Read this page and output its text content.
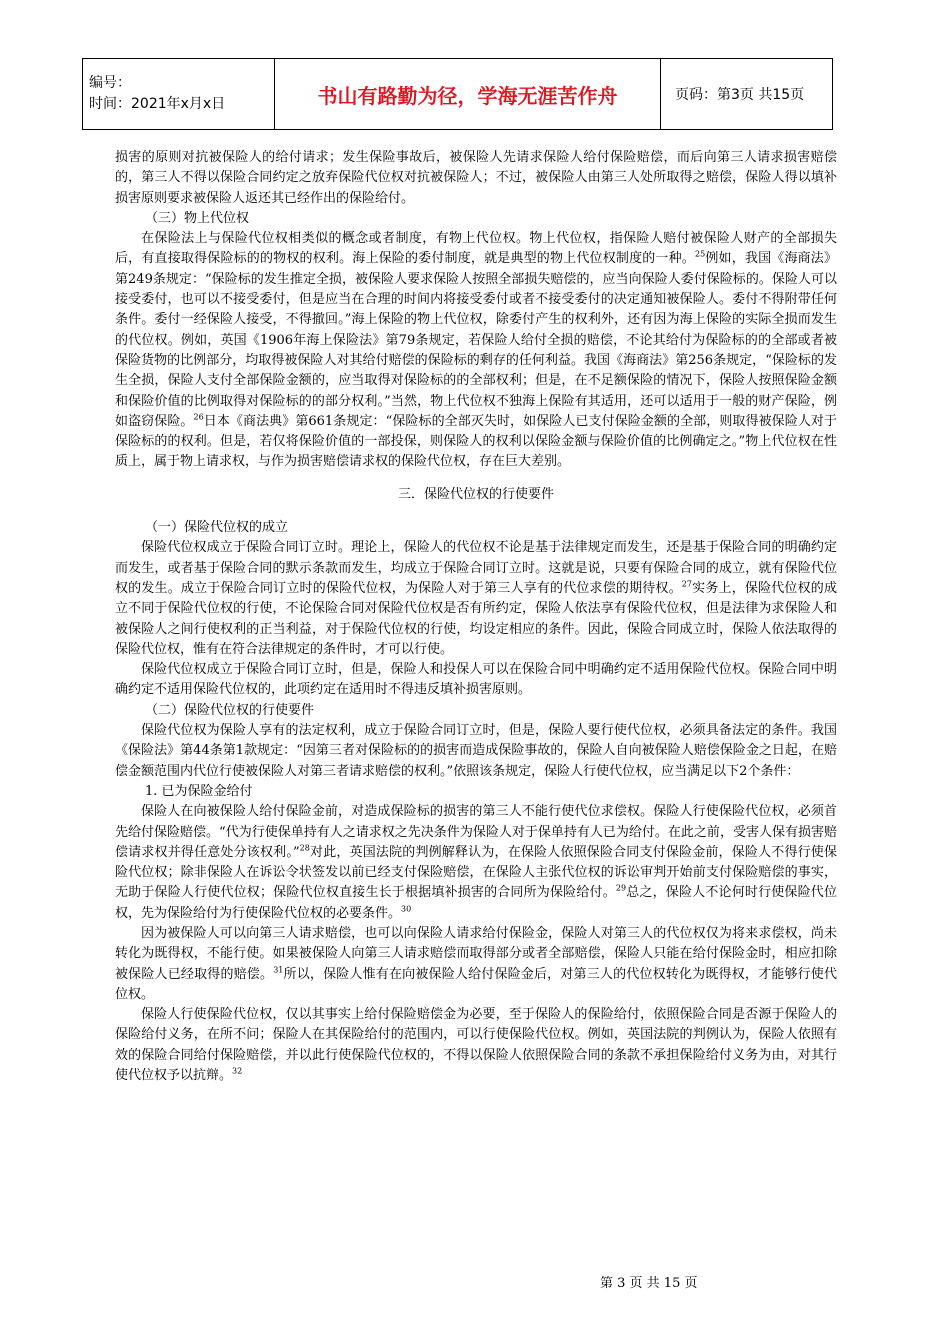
编号：
时间：2021年x月x日	书山有路勤为径，学海无涯苦作舟	页码：第3页 共15页

损害的原则对抗被保险人的给付请求；发生保险事故后，被保险人先请求保险人给付保险赔偿，而后向第三人请求损害赔偿的，第三人不得以保险合同约定之放弃保险代位权对抗被保险人；不过，被保险人由第三人处所取得之赔偿，保险人得以填补损害原则要求被保险人返还其已经作出的保险给付。

（三）物上代位权

在保险法上与保险代位权相类似的概念或者制度，有物上代位权。物上代位权，指保险人赔付被保险人财产的全部损失后，有直接取得保险标的的物权的权利。海上保险的委付制度，就是典型的物上代位权制度的一种。$^{25}$例如，我国《海商法》第249条规定：“保险标的发生推定全损，被保险人要求保险人按照全部损失赔偿的，应当向保险人委付保险标的。保险人可以接受委付，也可以不接受委付，但是应当在合理的时间内将接受委付或者不接受委付的决定通知被保险人。委付不得附带任何条件。委付一经保险人接受，不得撤回。”海上保险的物上代位权，除委付产生的权利外，还有因为海上保险的实际全损而发生的代位权。例如，英国《1906年海上保险法》第79条规定，若保险人给付全损的赔偿，不论其给付为保险标的的全部或者被保险货物的比例部分，均取得被保险人对其给付赔偿的保险标的剩存的任何利益。我国《海商法》第256条规定，“保险标的发生全损，保险人支付全部保险金额的，应当取得对保险标的的全部权利；但是，在不足额保险的情况下，保险人按照保险金额和保险价值的比例取得对保险标的的部分权利。”当然，物上代位权不独海上保险有其适用，还可以适用于一般的财产保险，例如盗窃保险。$^{26}$日本《商法典》第661条规定：“保险标的全部灭失时，如保险人已支付保险金额的全部，则取得被保险人对于保险标的的权利。但是，若仅将保险价值的一部投保，则保险人的权利以保险金额与保险价值的比例确定之。”物上代位权在性质上，属于物上请求权，与作为损害赔偿请求权的保险代位权，存在巨大差别。

三．保险代位权的行使要件

（一）保险代位权的成立

保险代位权成立于保险合同订立时。理论上，保险人的代位权不论是基于法律规定而发生，还是基于保险合同的明确约定而发生，或者基于保险合同的默示条款而发生，均成立于保险合同订立时。这就是说，只要有保险合同的成立，就有保险代位权的发生。成立于保险合同订立时的保险代位权，为保险人对于第三人享有的代位求偿的期待权。$^{27}$实务上，保险代位权的成立不同于保险代位权的行使，不论保险合同对保险代位权是否有所约定，保险人依法享有保险代位权，但是法律为求保险人和被保险人之间行使权利的正当利益，对于保险代位权的行使，均设定相应的条件。因此，保险合同成立时，保险人依法取得的保险代位权，惟有在符合法律规定的条件时，才可以行使。

保险代位权成立于保险合同订立时，但是，保险人和投保人可以在保险合同中明确约定不适用保险代位权。保险合同中明确约定不适用保险代位权的，此项约定在适用时不得违反填补损害原则。

（二）保险代位权的行使要件

保险代位权为保险人享有的法定权利，成立于保险合同订立时，但是，保险人要行使代位权，必须具备法定的条件。我国《保险法》第44条第1款规定：“因第三者对保险标的的损害而造成保险事故的，保险人自向被保险人赔偿保险金之日起，在赔偿金额范围内代位行使被保险人对第三者请求赔偿的权利。”依照该条规定，保险人行使代位权，应当满足以下2个条件：

1. 已为保险金给付

保险人在向被保险人给付保险金前，对造成保险标的损害的第三人不能行使代位求偿权。保险人行使保险代位权，必须首先给付保险赔偿。“代为行使保单持有人之请求权之先决条件为保险人对于保单持有人已为给付。在此之前，受害人保有损害赔偿请求权并得任意处分该权利。”$^{28}$对此，英国法院的判例解释认为，在保险人依照保险合同支付保险金前，保险人不得行使保险代位权；除非保险人在诉讼令状签发以前已经支付保险赔偿，在保险人主张代位权的诉讼审判开始前支付保险赔偿的事实，无助于保险人行使代位权；保险代位权直接生长于根据填补损害的合同所为保险给付。$^{29}$总之，保险人不论何时行使保险代位权，先为保险给付为行使保险代位权的必要条件。$^{30}$

因为被保险人可以向第三人请求赔偿，也可以向保险人请求给付保险金，保险人对第三人的代位权仅为将来求偿权，尚未转化为既得权，不能行使。如果被保险人向第三人请求赔偿而取得部分或者全部赔偿，保险人只能在给付保险金时，相应扣除被保险人已经取得的赔偿。$^{31}$所以，保险人惟有在向被保险人给付保险金后，对第三人的代位权转化为既得权，才能够行使代位权。

保险人行使保险代位权，仅以其事实上给付保险赔偿金为必要，至于保险人的保险给付，依照保险合同是否源于保险人的保险给付义务，在所不问；保险人在其保险给付的范围内，可以行使保险代位权。例如，英国法院的判例认为，保险人依照有效的保险合同给付保险赔偿，并以此行使保险代位权的，不得以保险人依照保险合同的条款不承担保险给付义务为由，对其行使代位权予以抗辩。$^{32}$

第 3 页 共 15 页
